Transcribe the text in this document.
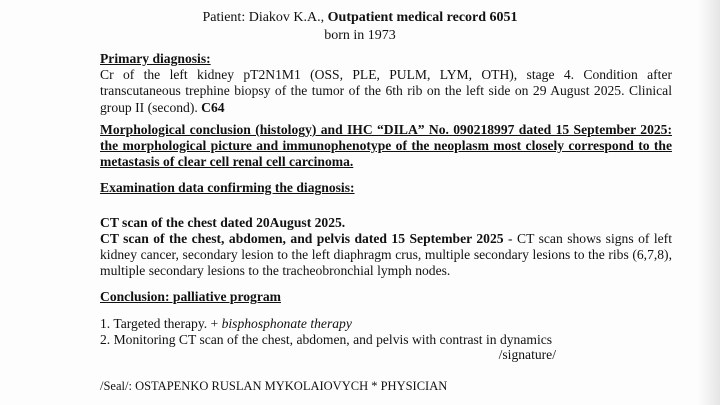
Patient: Diakov K.A., Outpatient medical record 6051
born in 1973
Primary diagnosis:
Cr of the left kidney pT2N1M1 (OSS, PLE, PULM, LYM, OTH), stage 4. Condition after transcutaneous trephine biopsy of the tumor of the 6th rib on the left side on 29 August 2025. Clinical group II (second). C64
Morphological conclusion (histology) and IHC “DILA” No. 090218997 dated 15 September 2025: the morphological picture and immunophenotype of the neoplasm most closely correspond to the metastasis of clear cell renal cell carcinoma.
Examination data confirming the diagnosis:
CT scan of the chest dated 20August 2025.
CT scan of the chest, abdomen, and pelvis dated 15 September 2025 - CT scan shows signs of left kidney cancer, secondary lesion to the left diaphragm crus, multiple secondary lesions to the ribs (6,7,8), multiple secondary lesions to the tracheobronchial lymph nodes.
Conclusion: palliative program
1. Targeted therapy. + bisphosphonate therapy
2. Monitoring CT scan of the chest, abdomen, and pelvis with contrast in dynamics
/signature/
/Seal/: OSTAPENKO RUSLAN MYKOLAIOVYCH * PHYSICIAN
